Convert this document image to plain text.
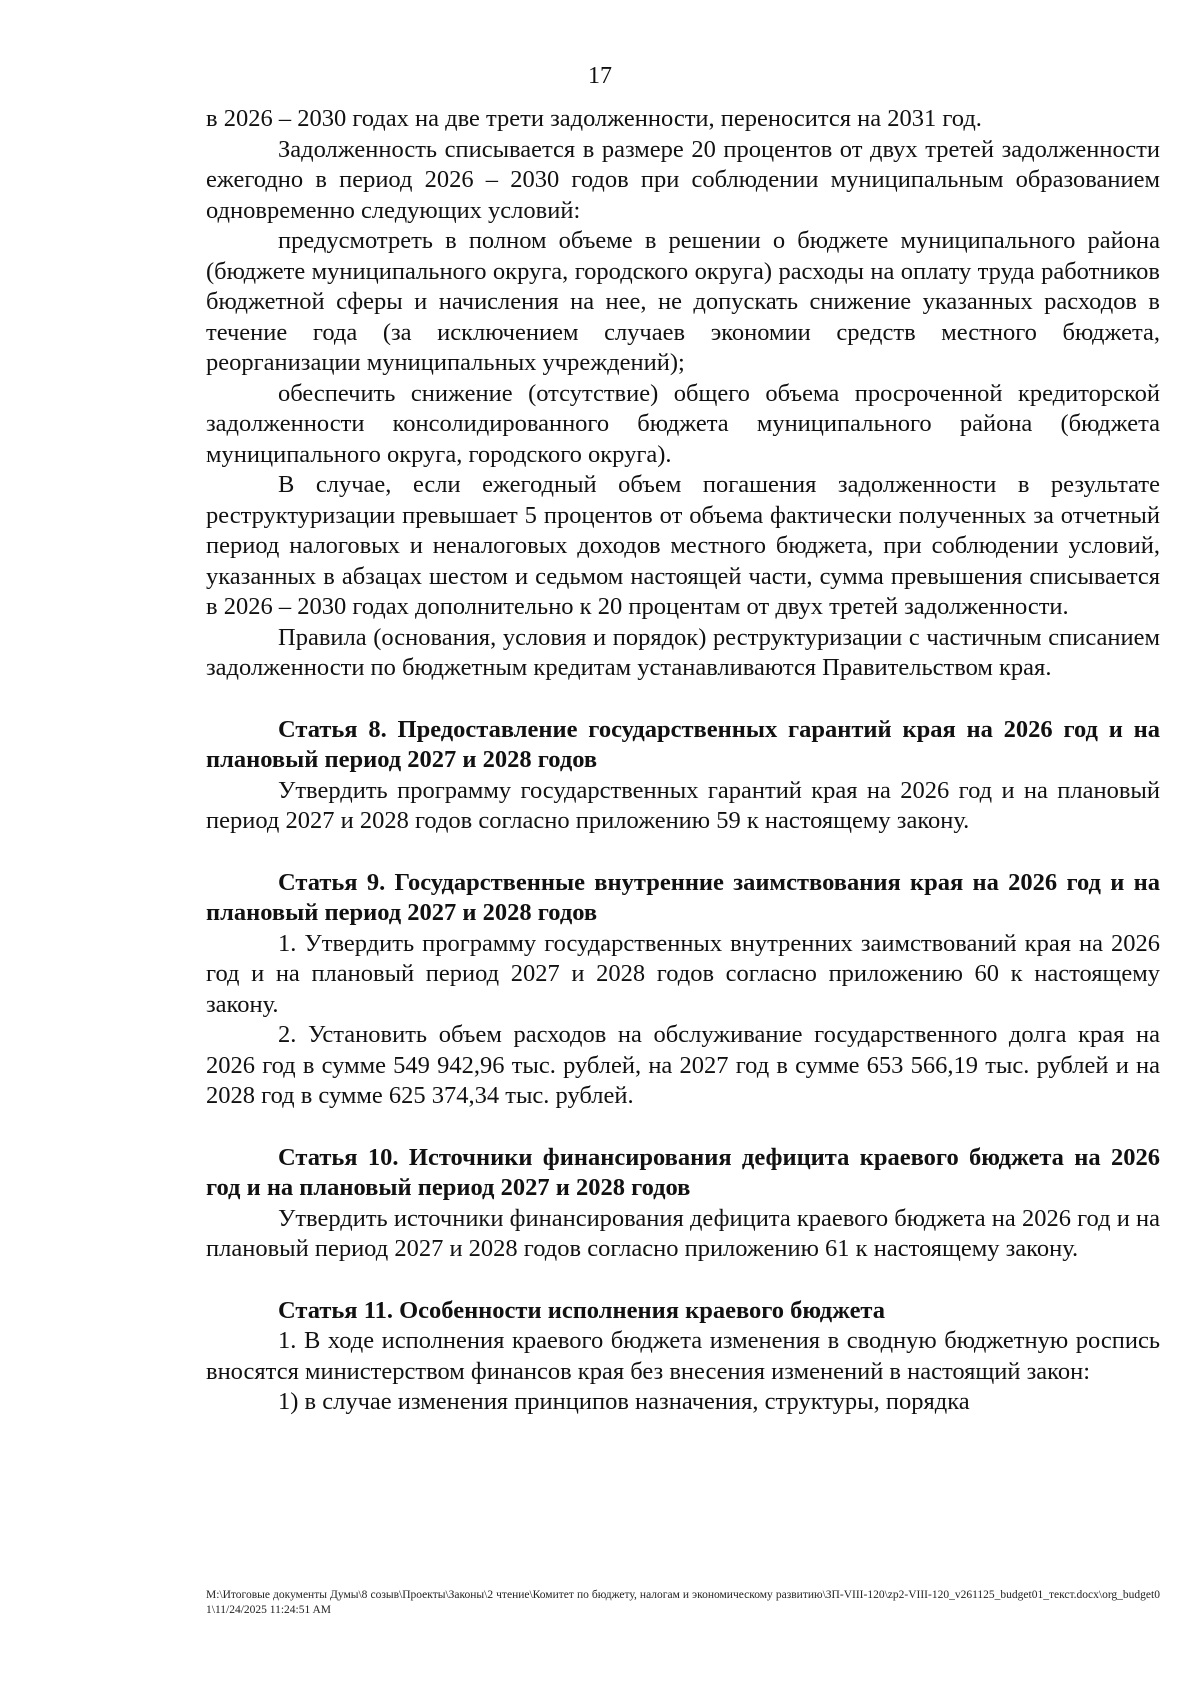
17

в 2026 – 2030 годах на две трети задолженности, переносится на 2031 год.

Задолженность списывается в размере 20 процентов от двух третей задолженности ежегодно в период 2026 – 2030 годов при соблюдении муниципальным образованием одновременно следующих условий:

предусмотреть в полном объеме в решении о бюджете муниципального района (бюджете муниципального округа, городского округа) расходы на оплату труда работников бюджетной сферы и начисления на нее, не допускать снижение указанных расходов в течение года (за исключением случаев экономии средств местного бюджета, реорганизации муниципальных учреждений);

обеспечить снижение (отсутствие) общего объема просроченной кредиторской задолженности консолидированного бюджета муниципального района (бюджета муниципального округа, городского округа).

В случае, если ежегодный объем погашения задолженности в результате реструктуризации превышает 5 процентов от объема фактически полученных за отчетный период налоговых и неналоговых доходов местного бюджета, при соблюдении условий, указанных в абзацах шестом и седьмом настоящей части, сумма превышения списывается в 2026 – 2030 годах дополнительно к 20 процентам от двух третей задолженности.

Правила (основания, условия и порядок) реструктуризации с частичным списанием задолженности по бюджетным кредитам устанавливаются Правительством края.

Статья 8. Предоставление государственных гарантий края на 2026 год и на плановый период 2027 и 2028 годов

Утвердить программу государственных гарантий края на 2026 год и на плановый период 2027 и 2028 годов согласно приложению 59 к настоящему закону.

Статья 9. Государственные внутренние заимствования края на 2026 год и на плановый период 2027 и 2028 годов

1. Утвердить программу государственных внутренних заимствований края на 2026 год и на плановый период 2027 и 2028 годов согласно приложению 60 к настоящему закону.

2. Установить объем расходов на обслуживание государственного долга края на 2026 год в сумме 549 942,96 тыс. рублей, на 2027 год в сумме 653 566,19 тыс. рублей и на 2028 год в сумме 625 374,34 тыс. рублей.

Статья 10. Источники финансирования дефицита краевого бюджета на 2026 год и на плановый период 2027 и 2028 годов

Утвердить источники финансирования дефицита краевого бюджета на 2026 год и на плановый период 2027 и 2028 годов согласно приложению 61 к настоящему закону.

Статья 11. Особенности исполнения краевого бюджета

1. В ходе исполнения краевого бюджета изменения в сводную бюджетную роспись вносятся министерством финансов края без внесения изменений в настоящий закон:

1) в случае изменения принципов назначения, структуры, порядка

M:\Итоговые документы Думы\8 созыв\Проекты\Законы\2 чтение\Комитет по бюджету, налогам и экономическому развитию\ЗП-VIII-120\zp2-VIII-120_v261125_budget01_текст.docx\org_budget01\11/24/2025 11:24:51 AM
